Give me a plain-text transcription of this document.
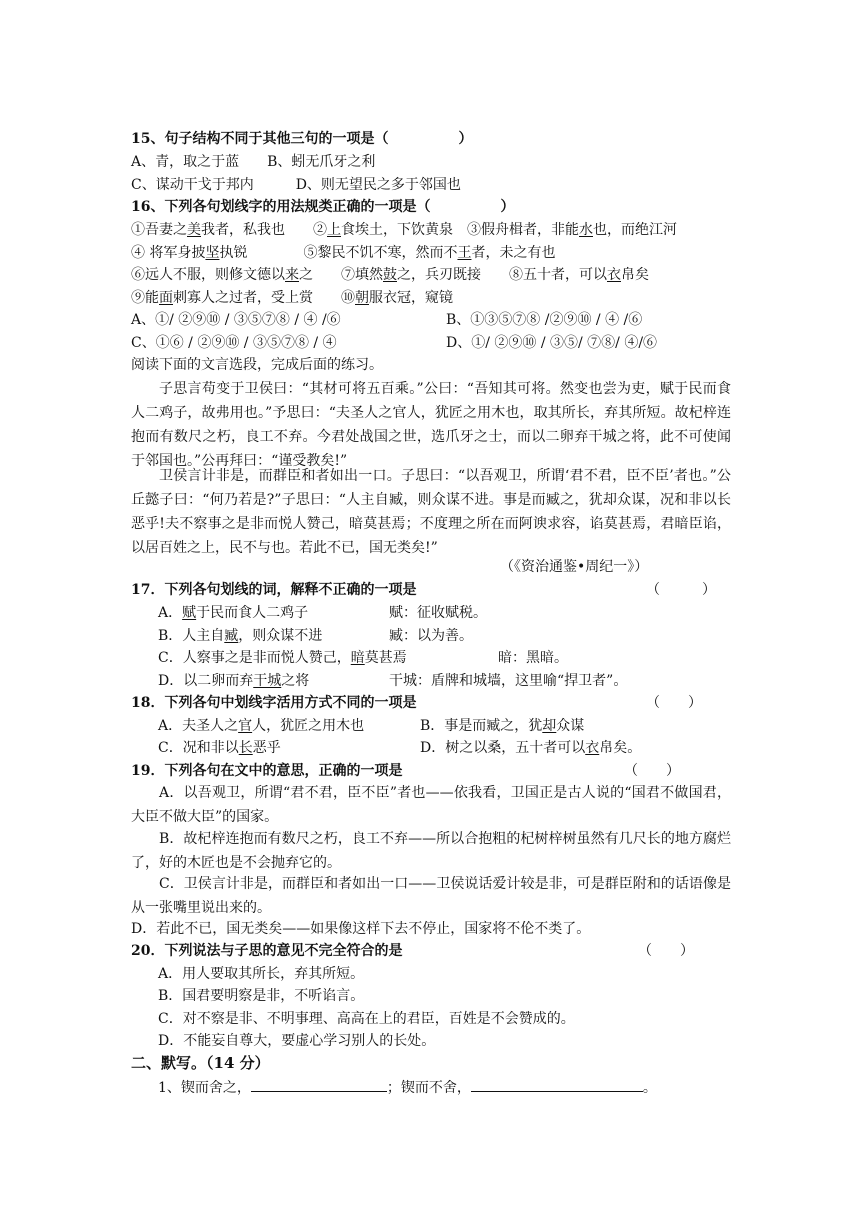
15、句子结构不同于其他三句的一项是（　　　　　）
A、青，取之于蓝　　B、蚓无爪牙之利
C、谋动干戈于邦内　　　D、则无望民之多于邻国也
16、下列各句划线字的用法规类正确的一项是（　　　　　）
①吾妻之美我者，私我也　　②上食埃土，下饮黄泉　③假舟楫者，非能水也，而绝江河
④ 将军身披坚执锐　　　　⑤黎民不饥不寒，然而不王者，未之有也
⑥远人不服，则修文德以来之　　⑦填然鼓之，兵刃既接　　⑧五十者，可以衣帛矣
⑨能面刺寡人之过者，受上赏　　⑩朝服衣冠，窥镜
A、①/ ②⑨⑩ / ③⑤⑦⑧ / ④ /⑥	B、①③⑤⑦⑧ /②⑨⑩ / ④ /⑥
C、①⑥ / ②⑨⑩ / ③⑤⑦⑧ / ④	D、①/ ②⑨⑩ / ③⑤/ ⑦⑧/ ④/⑥
阅读下面的文言选段，完成后面的练习。
子思言苟变于卫侯曰：“其材可将五百乘。”公曰：“吾知其可将。然变也尝为吏，赋于民而食人二鸡子，故弗用也。”予思曰：“夫圣人之官人，犹匠之用木也，取其所长，弃其所短。故杞梓连抱而有数尺之朽，良工不弃。今君处战国之世，选爪牙之士，而以二卵弃干城之将，此不可使闻于邻国也。”公再拜曰：“谨受教矣!”
卫侯言计非是，而群臣和者如出一口。子思曰：“以吾观卫，所谓‘君不君，臣不臣’者也。”公丘懿子曰：“何乃若是?”子思曰：“人主自臧，则众谋不进。事是而臧之，犹却众谋，况和非以长恶乎!夫不察事之是非而悦人赞己，暗莫甚焉；不度理之所在而阿谀求容，谄莫甚焉，君暗臣谄，以居百姓之上，民不与也。若此不已，国无类矣!”
（《资治通鉴•周纪一》）
17．下列各句划线的词，解释不正确的一项是	（　　　）
A．赋于民而食人二鸡子	赋：征收赋税。
B．人主自臧，则众谋不进	臧：以为善。
C．人察事之是非而悦人赞己，暗莫甚焉	暗：黑暗。
D．以二卵而弃干城之将	干城：盾牌和城墙，这里喻“捍卫者”。
18．下列各句中划线字活用方式不同的一项是	（　　）
A．夫圣人之官人，犹匠之用木也	B．事是而臧之，犹却众谋
C．况和非以长恶乎	D．树之以桑，五十者可以衣帛矣。
19．下列各句在文中的意思，正确的一项是	（　　）
A．以吾观卫，所谓“君不君，臣不臣”者也——依我看，卫国正是古人说的“国君不做国君，大臣不做大臣”的国家。
B．故杞梓连抱而有数尺之朽，良工不弃——所以合抱粗的杞树梓树虽然有几尺长的地方腐烂了，好的木匠也是不会抛弃它的。
C．卫侯言计非是，而群臣和者如出一口——卫侯说话爱计较是非，可是群臣附和的话语像是从一张嘴里说出来的。
D．若此不已，国无类矣——如果像这样下去不停止，国家将不伦不类了。
20．下列说法与子思的意见不完全符合的是	（　　）
A．用人要取其所长，弃其所短。
B．国君要明察是非，不听谄言。
C．对不察是非、不明事理、高高在上的君臣，百姓是不会赞成的。
D．不能妄自尊大，要虚心学习别人的长处。
二、默写。（14 分）
1、锲而舍之，	；锲而不舍，	。
